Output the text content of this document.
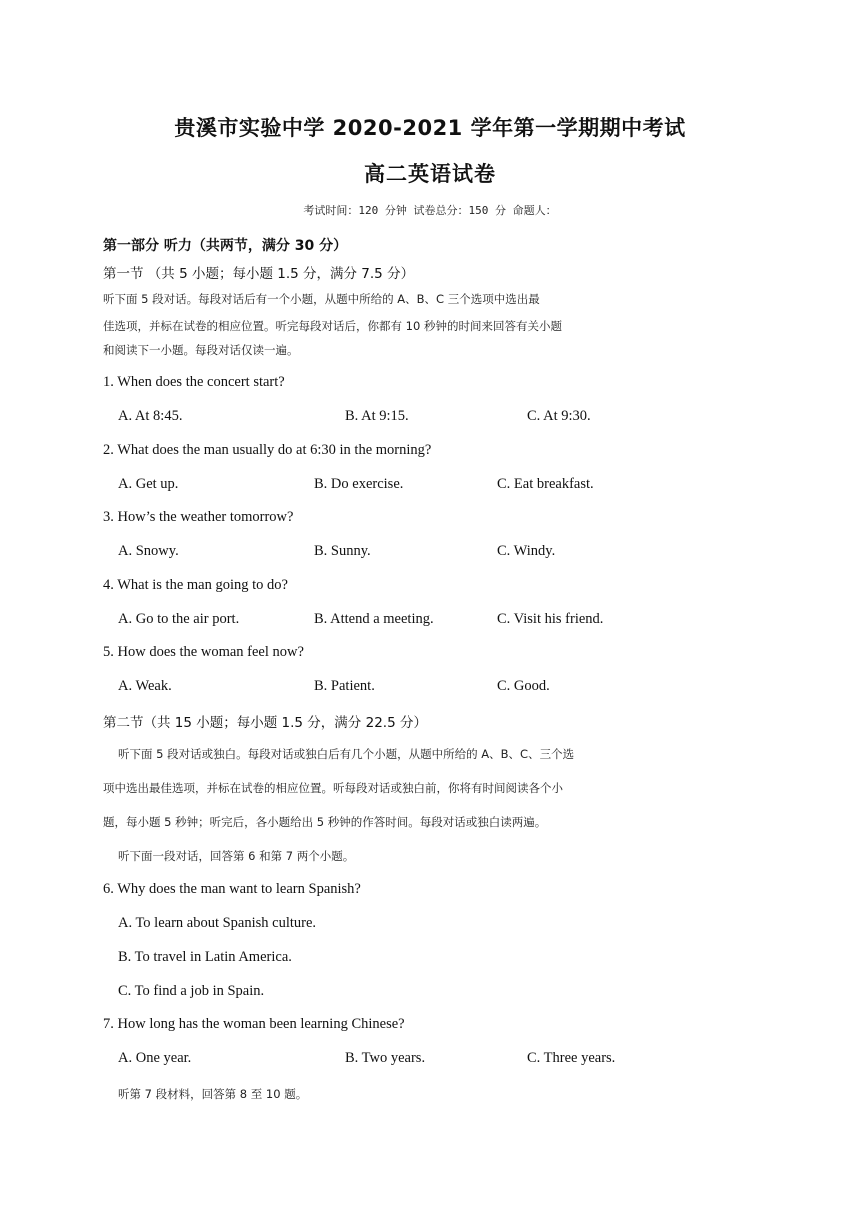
贵溪市实验中学 2020-2021 学年第一学期期中考试
高二英语试卷
考试时间：120 分钟 试卷总分：150 分 命题人：
第一部分 听力（共两节，满分 30 分）
第一节 （共 5 小题；每小题 1.5 分，满分 7.5 分）
听下面 5 段对话。每段对话后有一个小题，从题中所给的 A、B、C 三个选项中选出最
佳选项，并标在试卷的相应位置。听完每段对话后，你都有 10 秒钟的时间来回答有关小题
和阅读下一小题。每段对话仅读一遍。
1. When does the concert start?
A. At 8:45.	B. At 9:15.	C. At 9:30.
2. What does the man usually do at 6:30 in the morning?
A. Get up.	B. Do exercise.	C. Eat breakfast.
3. How’s the weather tomorrow?
A. Snowy.	B. Sunny.	C. Windy.
4. What is the man going to do?
A. Go to the air port.	B. Attend a meeting.	C. Visit his friend.
5. How does the woman feel now?
A. Weak.	B. Patient.	C. Good.
第二节（共 15 小题；每小题 1.5 分，满分 22.5 分）
听下面 5 段对话或独白。每段对话或独白后有几个小题，从题中所给的 A、B、C、三个选
项中选出最佳选项，并标在试卷的相应位置。听每段对话或独白前，你将有时间阅读各个小
题，每小题 5 秒钟；听完后，各小题给出 5 秒钟的作答时间。每段对话或独白读两遍。
听下面一段对话，回答第 6 和第 7 两个小题。
6. Why does the man want to learn Spanish?
A. To learn about Spanish culture.
B. To travel in Latin America.
C. To find a job in Spain.
7. How long has the woman been learning Chinese?
A. One year.	B. Two years.	C. Three years.
听第 7 段材料，回答第 8 至 10 题。
